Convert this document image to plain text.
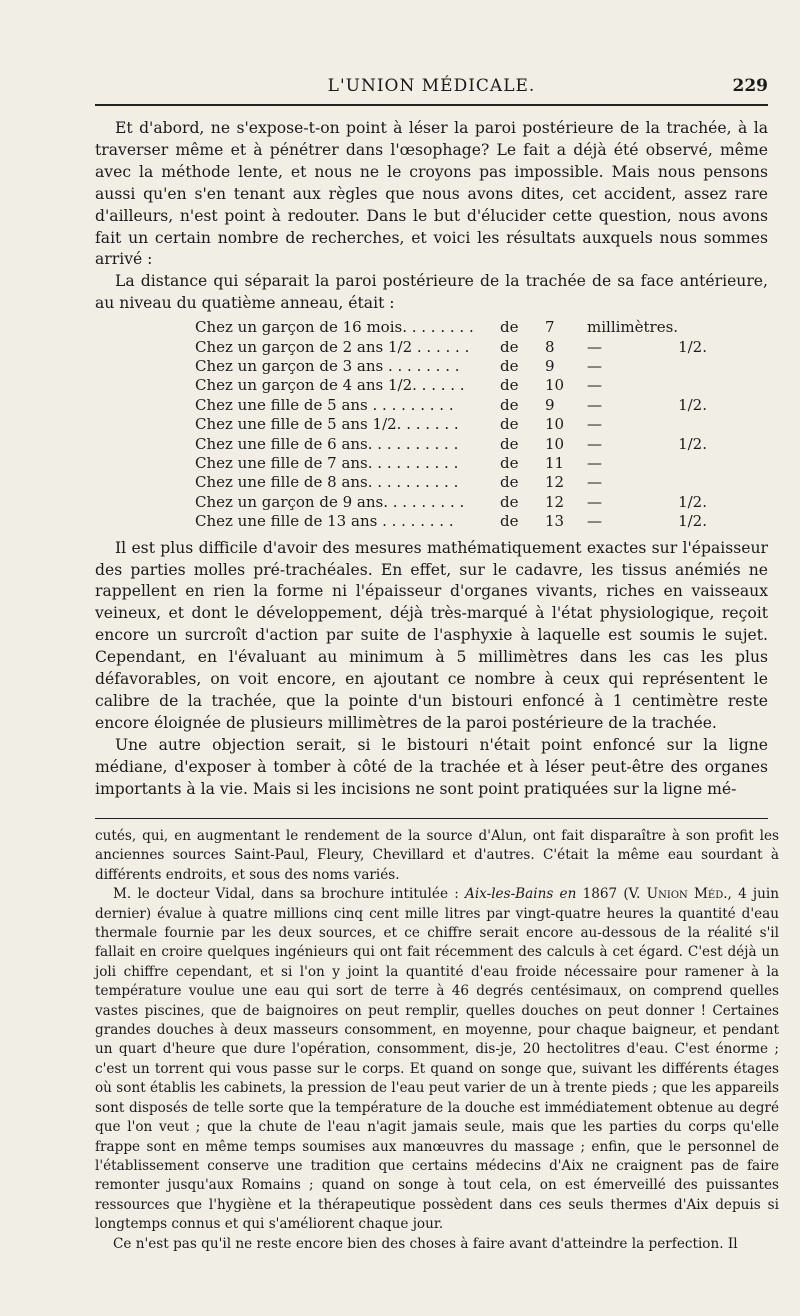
L'UNION MÉDICALE.	229

Et d'abord, ne s'expose-t-on point à léser la paroi postérieure de la trachée, à la traverser même et à pénétrer dans l'œsophage? Le fait a déjà été observé, même avec la méthode lente, et nous ne le croyons pas impossible. Mais nous pensons aussi qu'en s'en tenant aux règles que nous avons dites, cet accident, assez rare d'ailleurs, n'est point à redouter. Dans le but d'élucider cette question, nous avons fait un certain nombre de recherches, et voici les résultats auxquels nous sommes arrivé :

La distance qui séparait la paroi postérieure de la trachée de sa face antérieure, au niveau du quatième anneau, était :

Chez un garçon de 16 mois. . . . . . . .	de	7	millimètres.	
Chez un garçon de 2 ans 1/2 . . . . . .	de	8	—	1/2.
Chez un garçon de 3 ans . . . . . . . .	de	9	—	
Chez un garçon de 4 ans 1/2. . . . . .	de	10	—	
Chez une fille de 5 ans . . . . . . . . .	de	9	—	1/2.
Chez une fille de 5 ans 1/2. . . . . . .	de	10	—	
Chez une fille de 6 ans. . . . . . . . . .	de	10	—	1/2.
Chez une fille de 7 ans. . . . . . . . . .	de	11	—	
Chez une fille de 8 ans. . . . . . . . . .	de	12	—	
Chez un garçon de 9 ans. . . . . . . . .	de	12	—	1/2.
Chez une fille de 13 ans . . . . . . . .	de	13	—	1/2.

Il est plus difficile d'avoir des mesures mathématiquement exactes sur l'épaisseur des parties molles pré-trachéales. En effet, sur le cadavre, les tissus anémiés ne rappellent en rien la forme ni l'épaisseur d'organes vivants, riches en vaisseaux veineux, et dont le développement, déjà très-marqué à l'état physiologique, reçoit encore un surcroît d'action par suite de l'asphyxie à laquelle est soumis le sujet. Cependant, en l'évaluant au minimum à 5 millimètres dans les cas les plus défavorables, on voit encore, en ajoutant ce nombre à ceux qui représentent le calibre de la trachée, que la pointe d'un bistouri enfoncé à 1 centimètre reste encore éloignée de plusieurs millimètres de la paroi postérieure de la trachée.

Une autre objection serait, si le bistouri n'était point enfoncé sur la ligne médiane, d'exposer à tomber à côté de la trachée et à léser peut-être des organes importants à la vie. Mais si les incisions ne sont point pratiquées sur la ligne mé-

cutés, qui, en augmentant le rendement de la source d'Alun, ont fait disparaître à son profit les anciennes sources Saint-Paul, Fleury, Chevillard et d'autres. C'était la même eau sourdant à différents endroits, et sous des noms variés.

M. le docteur Vidal, dans sa brochure intitulée : Aix-les-Bains en 1867 (V. Union Méd., 4 juin dernier) évalue à quatre millions cinq cent mille litres par vingt-quatre heures la quantité d'eau thermale fournie par les deux sources, et ce chiffre serait encore au-dessous de la réalité s'il fallait en croire quelques ingénieurs qui ont fait récemment des calculs à cet égard. C'est déjà un joli chiffre cependant, et si l'on y joint la quantité d'eau froide nécessaire pour ramener à la température voulue une eau qui sort de terre à 46 degrés centésimaux, on comprend quelles vastes piscines, que de baignoires on peut remplir, quelles douches on peut donner ! Certaines grandes douches à deux masseurs consomment, en moyenne, pour chaque baigneur, et pendant un quart d'heure que dure l'opération, consomment, dis-je, 20 hectolitres d'eau. C'est énorme ; c'est un torrent qui vous passe sur le corps. Et quand on songe que, suivant les différents étages où sont établis les cabinets, la pression de l'eau peut varier de un à trente pieds ; que les appareils sont disposés de telle sorte que la température de la douche est immédiatement obtenue au degré que l'on veut ; que la chute de l'eau n'agit jamais seule, mais que les parties du corps qu'elle frappe sont en même temps soumises aux manœuvres du massage ; enfin, que le personnel de l'établissement conserve une tradition que certains médecins d'Aix ne craignent pas de faire remonter jusqu'aux Romains ; quand on songe à tout cela, on est émerveillé des puissantes ressources que l'hygiène et la thérapeutique possèdent dans ces seuls thermes d'Aix depuis si longtemps connus et qui s'améliorent chaque jour.

Ce n'est pas qu'il ne reste encore bien des choses à faire avant d'atteindre la perfection. Il
